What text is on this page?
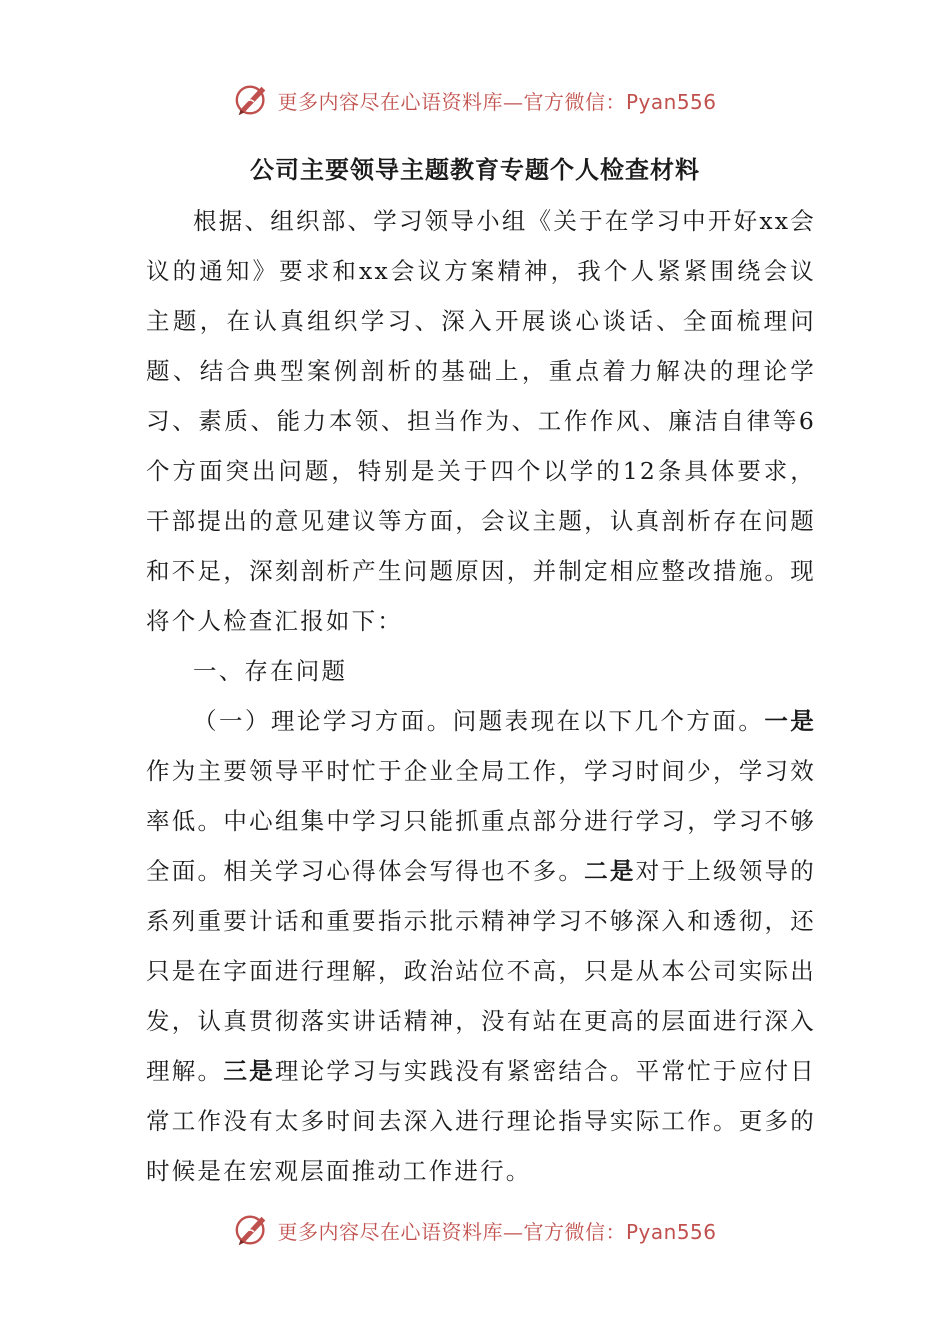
更多内容尽在心语资料库—官方微信：Pyan556
公司主要领导主题教育专题个人检查材料

根据、组织部、学习领导小组《关于在学习中开好xx会议的通知》要求和xx会议方案精神，我个人紧紧围绕会议主题，在认真组织学习、深入开展谈心谈话、全面梳理问题、结合典型案例剖析的基础上，重点着力解决的理论学习、素质、能力本领、担当作为、工作作风、廉洁自律等6个方面突出问题，特别是关于四个以学的12条具体要求，干部提出的意见建议等方面，会议主题，认真剖析存在问题和不足，深刻剖析产生问题原因，并制定相应整改措施。现将个人检查汇报如下：

一、存在问题

（一）理论学习方面。问题表现在以下几个方面。一是作为主要领导平时忙于企业全局工作，学习时间少，学习效率低。中心组集中学习只能抓重点部分进行学习，学习不够全面。相关学习心得体会写得也不多。二是对于上级领导的系列重要计话和重要指示批示精神学习不够深入和透彻，还只是在字面进行理解，政治站位不高，只是从本公司实际出发，认真贯彻落实讲话精神，没有站在更高的层面进行深入理解。三是理论学习与实践没有紧密结合。平常忙于应付日常工作没有太多时间去深入进行理论指导实际工作。更多的时候是在宏观层面推动工作进行。

更多内容尽在心语资料库—官方微信：Pyan556
